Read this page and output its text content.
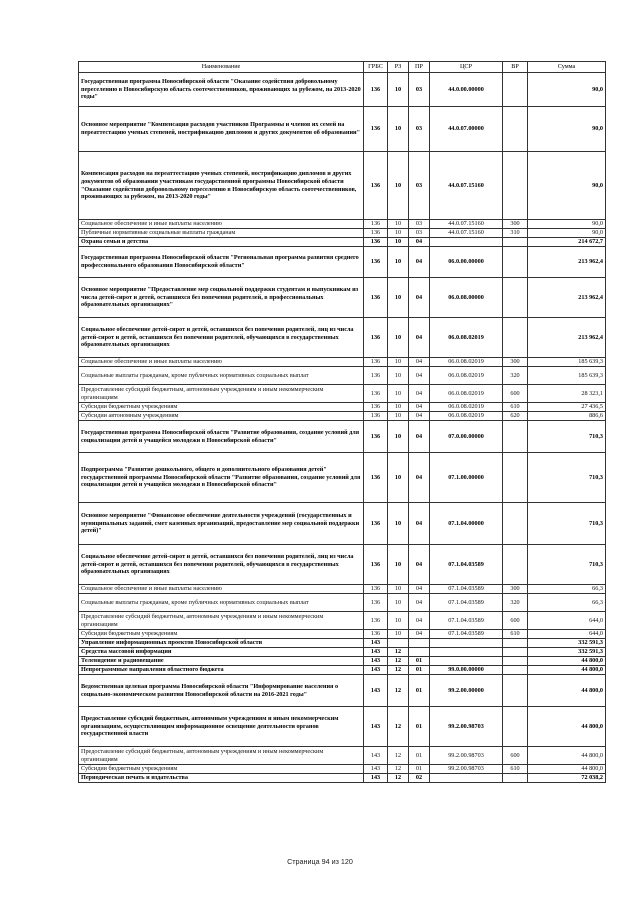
Наименование	ГРБС	РЗ	ПР	ЦСР	ВР	Сумма
Государственная программа Новосибирской области "Оказание содействия добровольному переселению в Новосибирскую область соотечественников, проживающих за рубежом, на 2013-2020 годы"	136	10	03	44.0.00.00000		90,0
Основное мероприятие "Компенсация расходов участников Программы и членов их семей на переаттестацию ученых степеней, нострификацию дипломов и других документов об образовании"	136	10	03	44.0.07.00000		90,0
Компенсация расходов на переаттестацию ученых степеней, нострификацию дипломов и других документов об образовании участникам государственной программы Новосибирской области "Оказание содействия добровольному переселению в Новосибирскую область соотечественников, проживающих за рубежом, на 2013-2020 годы"	136	10	03	44.0.07.15160		90,0
Социальное обеспечение и иные выплаты населению	136	10	03	44.0.07.15160	300	90,0
Публичные нормативные социальные выплаты гражданам	136	10	03	44.0.07.15160	310	90,0
Охрана семьи и детства	136	10	04			214 672,7
Государственная программа Новосибирской области "Региональная программа развития среднего профессионального образования Новосибирской области"	136	10	04	06.0.00.00000		213 962,4
Основное мероприятие "Предоставление мер социальной поддержки студентам и выпускникам из числа детей-сирот и детей, оставшихся без попечения родителей, в профессиональных образовательных организациях"	136	10	04	06.0.08.00000		213 962,4
Социальное обеспечение детей-сирот и детей, оставшихся без попечения родителей, лиц из числа детей-сирот и детей, оставшихся без попечения родителей, обучающихся в государственных образовательных организациях	136	10	04	06.0.08.02019		213 962,4
Социальное обеспечение и иные выплаты населению	136	10	04	06.0.08.02019	300	185 639,3
Социальные выплаты гражданам, кроме публичных нормативных социальных выплат	136	10	04	06.0.08.02019	320	185 639,3
Предоставление субсидий бюджетным, автономным учреждениям и иным некоммерческим организациям	136	10	04	06.0.08.02019	600	28 323,1
Субсидии бюджетным учреждениям	136	10	04	06.0.08.02019	610	27 436,5
Субсидии автономным учреждениям	136	10	04	06.0.08.02019	620	886,6
Государственная программа Новосибирской области "Развитие образования, создание условий для социализации детей и учащейся молодежи в Новосибирской области"	136	10	04	07.0.00.00000		710,3
Подпрограмма "Развитие дошкольного, общего и дополнительного образования детей" государственной программы Новосибирской области "Развитие образования, создание условий для социализации детей и учащейся молодежи в Новосибирской области"	136	10	04	07.1.00.00000		710,3
Основное мероприятие "Финансовое обеспечение деятельности учреждений (государственных и муниципальных заданий, смет казенных организаций, предоставление мер социальной поддержки детей)"	136	10	04	07.1.04.00000		710,3
Социальное обеспечение детей-сирот и детей, оставшихся без попечения родителей, лиц из числа детей-сирот и детей, оставшихся без попечения родителей, обучающихся в государственных образовательных организациях	136	10	04	07.1.04.03589		710,3
Социальное обеспечение и иные выплаты населению	136	10	04	07.1.04.03589	300	66,3
Социальные выплаты гражданам, кроме публичных нормативных социальных выплат	136	10	04	07.1.04.03589	320	66,3
Предоставление субсидий бюджетным, автономным учреждениям и иным некоммерческим организациям	136	10	04	07.1.04.03589	600	644,0
Субсидии бюджетным учреждениям	136	10	04	07.1.04.03589	610	644,0
Управление информационных проектов Новосибирской области	143					332 591,3
Средства массовой информации	143	12				332 591,3
Телевидение и радиовещание	143	12	01			44 800,0
Непрограммные направления областного бюджета	143	12	01	99.0.00.00000		44 800,0
Ведомственная целевая программа Новосибирской области "Информирование населения о социально-экономическом развитии Новосибирской области на 2016-2021 годы"	143	12	01	99.2.00.00000		44 800,0
Предоставление субсидий бюджетным, автономным учреждениям и иным некоммерческим организациям, осуществляющим информационное освещение деятельности органов государственной власти	143	12	01	99.2.00.98703		44 800,0
Предоставление субсидий бюджетным, автономным учреждениям и иным некоммерческим организациям	143	12	01	99.2.00.98703	600	44 800,0
Субсидии бюджетным учреждениям	143	12	01	99.2.00.98703	610	44 800,0
Периодическая печать и издательства	143	12	02			72 038,2
Страница 94 из 120
